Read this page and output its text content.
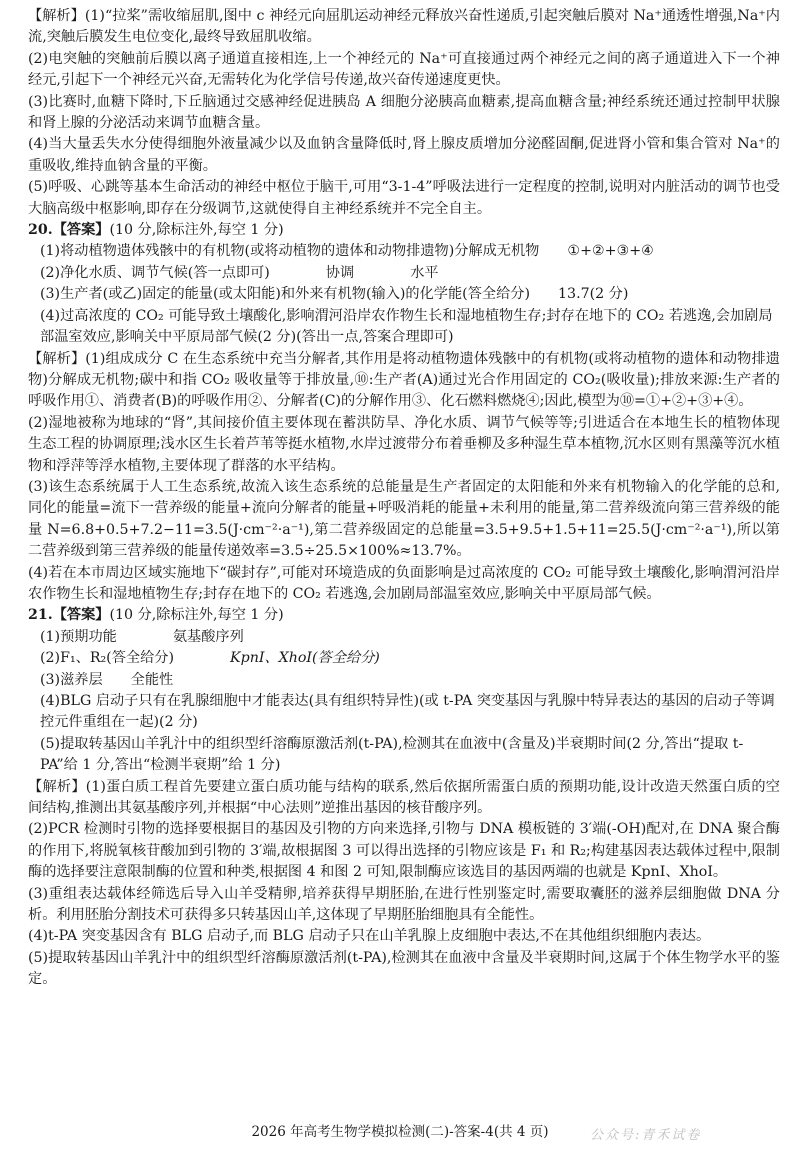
【解析】(1)“拉桨”需收缩屈肌,图中 c 神经元向屈肌运动神经元释放兴奋性递质,引起突触后膜对 Na⁺通透性增强,Na⁺内流,突触后膜发生电位变化,最终导致屈肌收缩。

(2)电突触的突触前后膜以离子通道直接相连,上一个神经元的 Na⁺可直接通过两个神经元之间的离子通道进入下一个神经元,引起下一个神经元兴奋,无需转化为化学信号传递,故兴奋传递速度更快。

(3)比赛时,血糖下降时,下丘脑通过交感神经促进胰岛 A 细胞分泌胰高血糖素,提高血糖含量;神经系统还通过控制甲状腺和肾上腺的分泌活动来调节血糖含量。

(4)当大量丢失水分使得细胞外液量减少以及血钠含量降低时,肾上腺皮质增加分泌醛固酮,促进肾小管和集合管对 Na⁺的重吸收,维持血钠含量的平衡。

(5)呼吸、心跳等基本生命活动的神经中枢位于脑干,可用“3-1-4”呼吸法进行一定程度的控制,说明对内脏活动的调节也受大脑高级中枢影响,即存在分级调节,这就使得自主神经系统并不完全自主。

20.【答案】(10 分,除标注外,每空 1 分)

(1)将动植物遗体残骸中的有机物(或将动植物的遗体和动物排遗物)分解成无机物 ①+②+③+④

(2)净化水质、调节气候(答一点即可)	协调	水平

(3)生产者(或乙)固定的能量(或太阳能)和外来有机物(输入)的化学能(答全给分) 13.7(2 分)

(4)过高浓度的 CO₂ 可能导致土壤酸化,影响渭河沿岸农作物生长和湿地植物生存;封存在地下的 CO₂ 若逃逸,会加剧局部温室效应,影响关中平原局部气候(2 分)(答出一点,答案合理即可)

【解析】(1)组成成分 C 在生态系统中充当分解者,其作用是将动植物遗体残骸中的有机物(或将动植物的遗体和动物排遗物)分解成无机物;碳中和指 CO₂ 吸收量等于排放量,⑩:生产者(A)通过光合作用固定的 CO₂(吸收量);排放来源:生产者的呼吸作用①、消费者(B)的呼吸作用②、分解者(C)的分解作用③、化石燃料燃烧④;因此,模型为⑩=①+②+③+④。

(2)湿地被称为地球的“肾”,其间接价值主要体现在蓄洪防旱、净化水质、调节气候等等;引进适合在本地生长的植物体现生态工程的协调原理;浅水区生长着芦苇等挺水植物,水岸过渡带分布着垂柳及多种湿生草本植物,沉水区则有黑藻等沉水植物和浮萍等浮水植物,主要体现了群落的水平结构。

(3)该生态系统属于人工生态系统,故流入该生态系统的总能量是生产者固定的太阳能和外来有机物输入的化学能的总和,同化的能量=流下一营养级的能量+流向分解者的能量+呼吸消耗的能量+未利用的能量,第二营养级流向第三营养级的能量 N=6.8+0.5+7.2−11=3.5(J·cm⁻²·a⁻¹),第二营养级固定的总能量=3.5+9.5+1.5+11=25.5(J·cm⁻²·a⁻¹),所以第二营养级到第三营养级的能量传递效率=3.5÷25.5×100%≈13.7%。

(4)若在本市周边区域实施地下“碳封存”,可能对环境造成的负面影响是过高浓度的 CO₂ 可能导致土壤酸化,影响渭河沿岸农作物生长和湿地植物生存;封存在地下的 CO₂ 若逃逸,会加剧局部温室效应,影响关中平原局部气候。

21.【答案】(10 分,除标注外,每空 1 分)

(1)预期功能	氨基酸序列

(2)F₁、R₂(答全给分)	KpnⅠ、XhoⅠ(答全给分)

(3)滋养层 全能性

(4)BLG 启动子只有在乳腺细胞中才能表达(具有组织特异性)(或 t-PA 突变基因与乳腺中特异表达的基因的启动子等调控元件重组在一起)(2 分)

(5)提取转基因山羊乳汁中的组织型纤溶酶原激活剂(t-PA),检测其在血液中(含量及)半衰期时间(2 分,答出“提取 t-PA”给 1 分,答出“检测半衰期”给 1 分)

【解析】(1)蛋白质工程首先要建立蛋白质功能与结构的联系,然后依据所需蛋白质的预期功能,设计改造天然蛋白质的空间结构,推测出其氨基酸序列,并根据“中心法则”逆推出基因的核苷酸序列。

(2)PCR 检测时引物的选择要根据目的基因及引物的方向来选择,引物与 DNA 模板链的 3′端(-OH)配对,在 DNA 聚合酶的作用下,将脱氧核苷酸加到引物的 3′端,故根据图 3 可以得出选择的引物应该是 F₁ 和 R₂;构建基因表达载体过程中,限制酶的选择要注意限制酶的位置和种类,根据图 4 和图 2 可知,限制酶应该选目的基因两端的也就是 KpnⅠ、XhoⅠ。

(3)重组表达载体经筛选后导入山羊受精卵,培养获得早期胚胎,在进行性别鉴定时,需要取囊胚的滋养层细胞做 DNA 分析。利用胚胎分割技术可获得多只转基因山羊,这体现了早期胚胎细胞具有全能性。

(4)t-PA 突变基因含有 BLG 启动子,而 BLG 启动子只在山羊乳腺上皮细胞中表达,不在其他组织细胞内表达。

(5)提取转基因山羊乳汁中的组织型纤溶酶原激活剂(t-PA),检测其在血液中含量及半衰期时间,这属于个体生物学水平的鉴定。

2026 年高考生物学模拟检测(二)-答案-4(共 4 页)	公众号:青禾试卷
